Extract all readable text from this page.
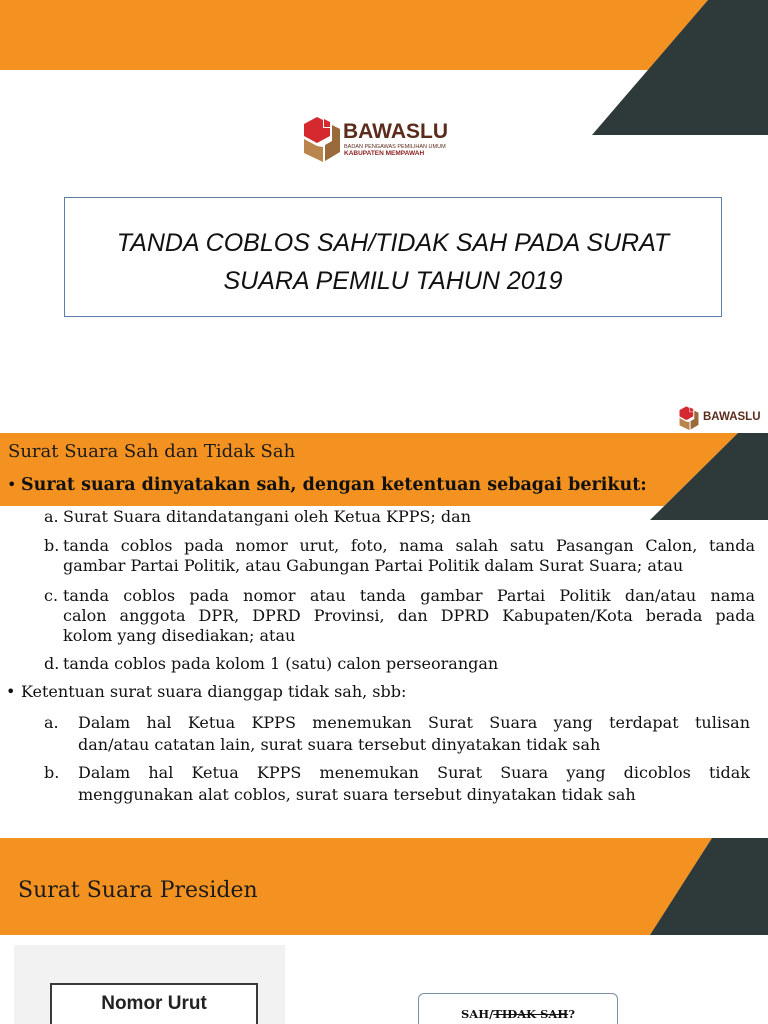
BAWASLU
BADAN PENGAWAS PEMILIHAN UMUM
KABUPATEN MEMPAWAH
TANDA COBLOS SAH/TIDAK SAH PADA SURAT
SUARA PEMILU TAHUN 2019
BAWASLU
Surat Suara Sah dan Tidak Sah
• Surat suara dinyatakan sah, dengan ketentuan sebagai berikut:
a. Surat Suara ditandatangani oleh Ketua KPPS; dan
b. tanda coblos pada nomor urut, foto, nama salah satu Pasangan Calon, tanda
gambar Partai Politik, atau Gabungan Partai Politik dalam Surat Suara; atau
c. tanda coblos pada nomor atau tanda gambar Partai Politik dan/atau nama
calon anggota DPR, DPRD Provinsi, dan DPRD Kabupaten/Kota berada pada
kolom yang disediakan; atau
d. tanda coblos pada kolom 1 (satu) calon perseorangan
• Ketentuan surat suara dianggap tidak sah, sbb:
a. Dalam hal Ketua KPPS menemukan Surat Suara yang terdapat tulisan
dan/atau catatan lain, surat suara tersebut dinyatakan tidak sah
b. Dalam hal Ketua KPPS menemukan Surat Suara yang dicoblos tidak
menggunakan alat coblos, surat suara tersebut dinyatakan tidak sah
Surat Suara Presiden
Nomor Urut	SAH/TIDAK SAH?
